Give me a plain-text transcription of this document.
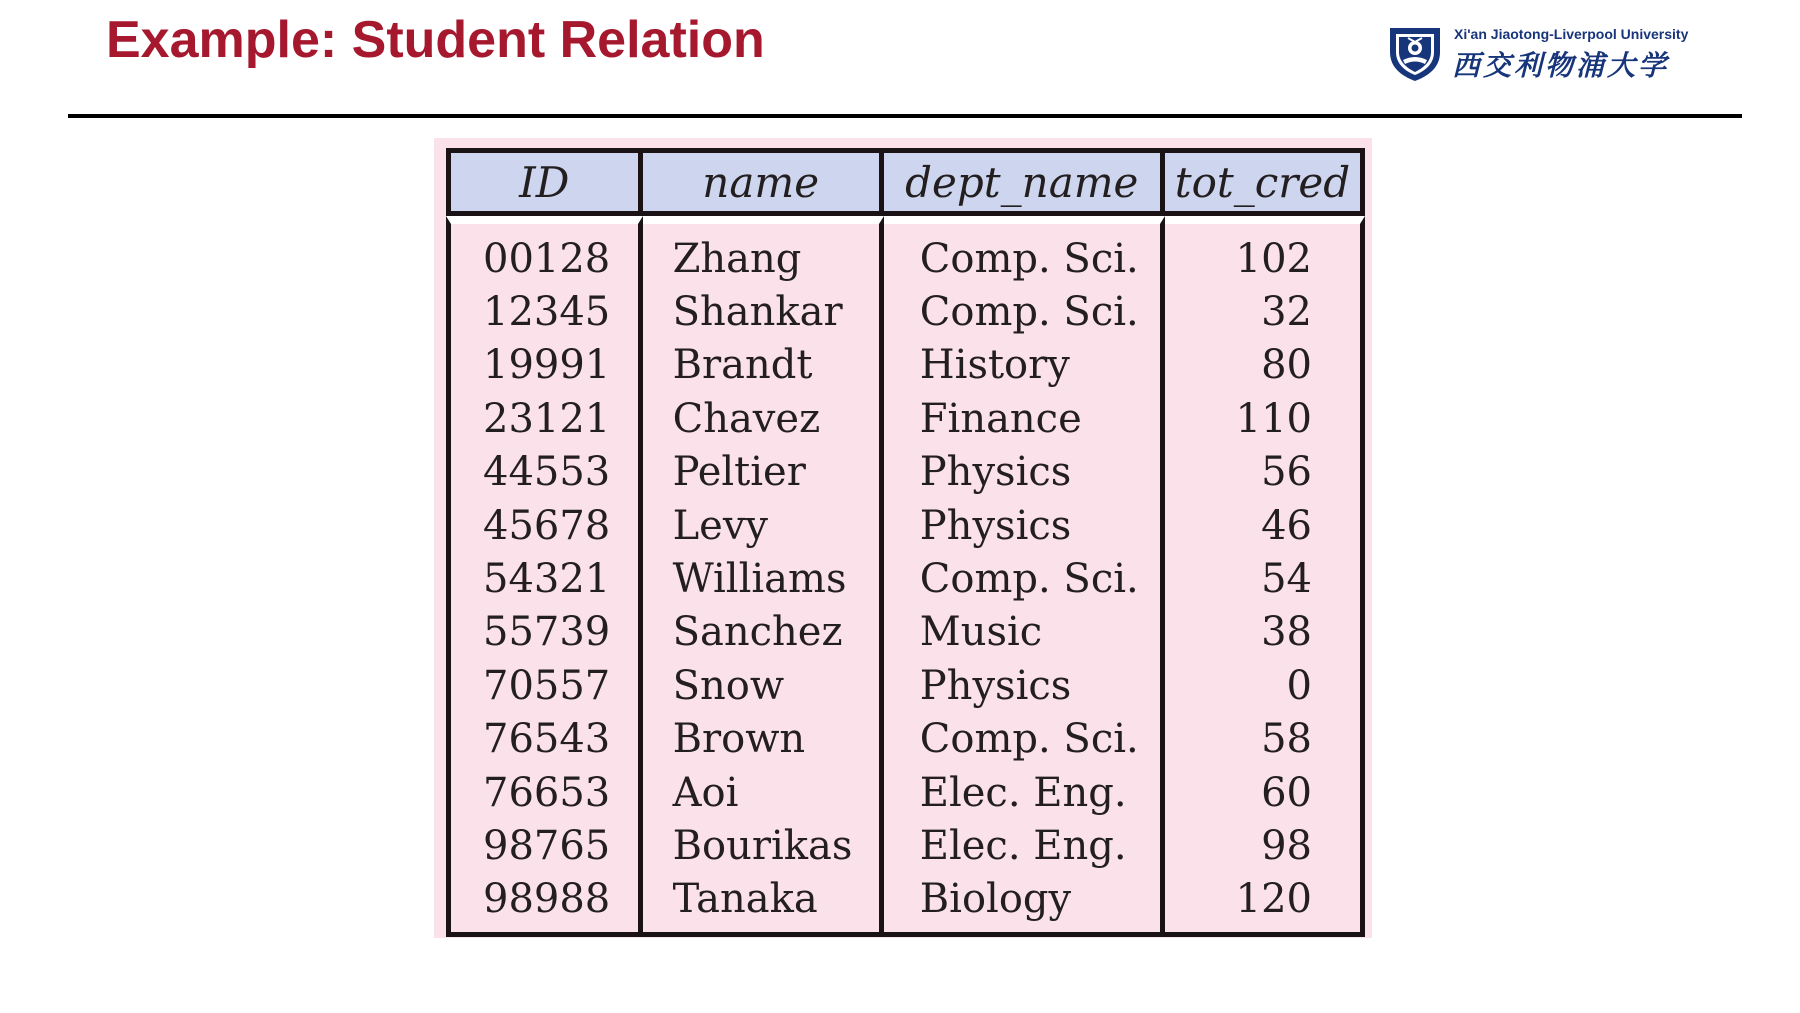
Example: Student Relation	Xi'an Jiaotong-Liverpool University
西交利物浦大学
ID	name	dept_name	tot_cred
00128	Zhang	Comp. Sci.	102
12345	Shankar	Comp. Sci.	32
19991	Brandt	History	80
23121	Chavez	Finance	110
44553	Peltier	Physics	56
45678	Levy	Physics	46
54321	Williams	Comp. Sci.	54
55739	Sanchez	Music	38
70557	Snow	Physics	0
76543	Brown	Comp. Sci.	58
76653	Aoi	Elec. Eng.	60
98765	Bourikas	Elec. Eng.	98
98988	Tanaka	Biology	120
